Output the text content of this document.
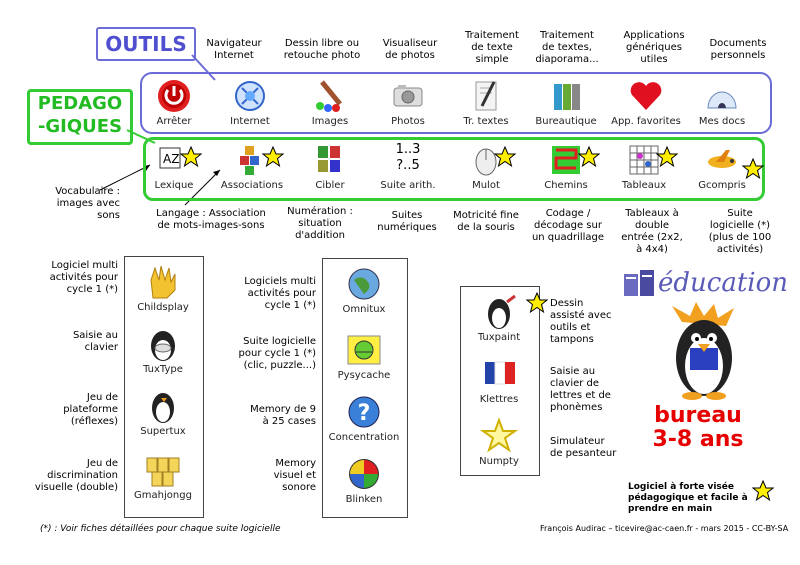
OUTILS
PEDAGO
-GIQUES
Navigateur
Internet
Dessin libre ou
retouche photo
Visualiseur
de photos
Traitement
de texte
simple
Traitement
de textes,
diaporama...
Applications
génériques
utiles
Documents
personnels
Arrêter	Internet	Images	Photos	Tr. textes	Bureautique	App. favorites	Mes docs
AZ
Lexique	Associations	Cibler
1..3
?..5
Suite arith.	Mulot	Chemins	Tableaux	Gcompris
Vocabulaire :
images avec
sons	Langage : Association
de mots-images-sons
Numération :
situation
d'addition
Suites
numériques
Motricité fine
de la souris
Codage /
décodage sur
un quadrillage
Tableaux à
double
entrée (2x2,
à 4x4)
Suite
logicielle (*)
(plus de 100
activités)
Logiciel multi
activités pour
cycle 1 (*)
Saisie au
clavier
Jeu de
plateforme
(réflexes)
Jeu de
discrimination
visuelle (double)
Childsplay
TuxType
Supertux
Gmahjongg
Logiciels multi
activités pour
cycle 1 (*)
Suite logicielle
pour cycle 1 (*)
(clic, puzzle...)
Memory de 9
à 25 cases
Memory
visuel et
sonore
Omnitux
Pysycache
?
Concentration
Blinken
Tuxpaint
Klettres
Numpty
Dessin
assisté avec
outils et
tampons
Saisie au
clavier de
lettres et de
phonèmes
Simulateur
de pesanteur
éducation
bureau
3-8 ans
Logiciel à forte visée
pédagogique et facile à
prendre en main
(*) : Voir fiches détaillées pour chaque suite logicielle	François Audirac – ticevire@ac-caen.fr - mars 2015 - CC-BY-SA
